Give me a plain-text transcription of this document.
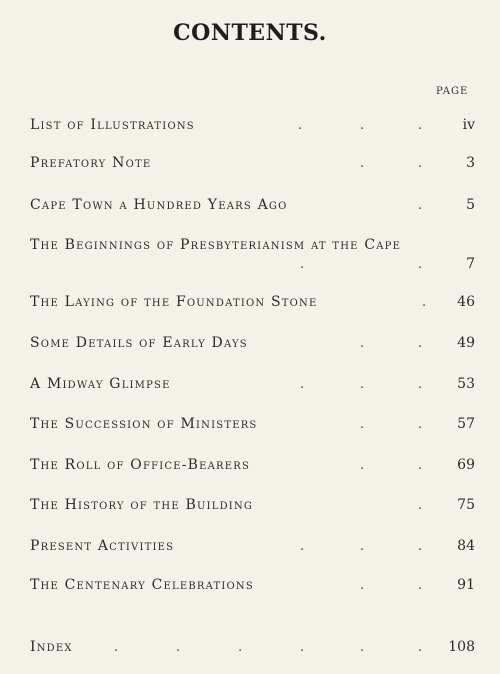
CONTENTS.
PAGE
List of Illustrations	.	.	.	iv
Prefatory Note	.	.	3
Cape Town a Hundred Years Ago	.	5
The Beginnings of Presbyterianism at the Cape
.	.	7
The Laying of the Foundation Stone	.	46
Some Details of Early Days	.	.	49
A Midway Glimpse	.	.	.	53
The Succession of Ministers	.	.	57
The Roll of Office-Bearers	.	.	69
The History of the Building	.	75
Present Activities	.	.	.	84
The Centenary Celebrations	.	.	91
Index	.	.	.	.	.	.	108
